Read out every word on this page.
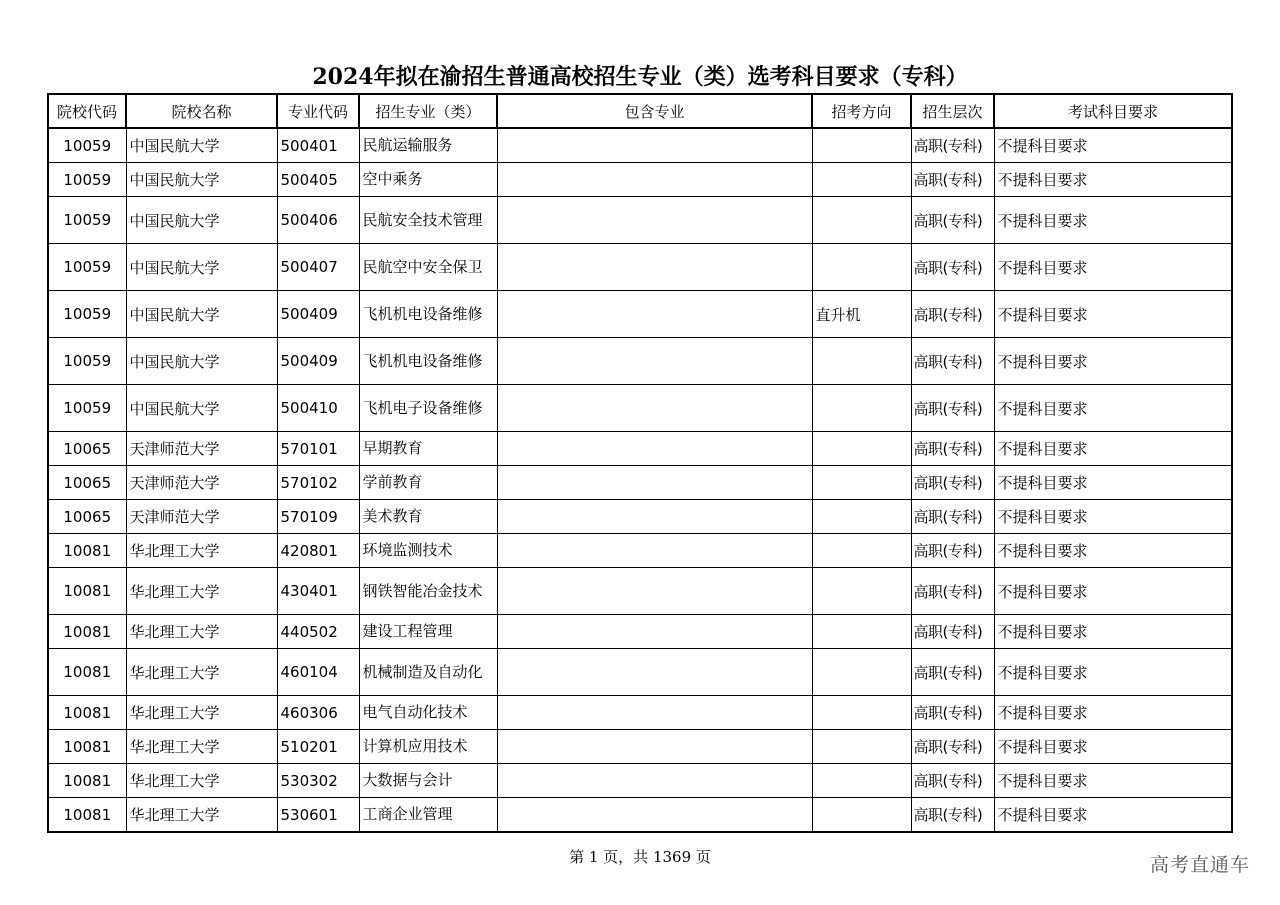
2024年拟在渝招生普通高校招生专业（类）选考科目要求（专科）
院校代码	院校名称	专业代码	招生专业（类）	包含专业	招考方向	招生层次	考试科目要求
10059	中国民航大学	500401	民航运输服务			高职(专科)	不提科目要求
10059	中国民航大学	500405	空中乘务			高职(专科)	不提科目要求
10059	中国民航大学	500406	民航安全技术管理			高职(专科)	不提科目要求
10059	中国民航大学	500407	民航空中安全保卫			高职(专科)	不提科目要求
10059	中国民航大学	500409	飞机机电设备维修		直升机	高职(专科)	不提科目要求
10059	中国民航大学	500409	飞机机电设备维修			高职(专科)	不提科目要求
10059	中国民航大学	500410	飞机电子设备维修			高职(专科)	不提科目要求
10065	天津师范大学	570101	早期教育			高职(专科)	不提科目要求
10065	天津师范大学	570102	学前教育			高职(专科)	不提科目要求
10065	天津师范大学	570109	美术教育			高职(专科)	不提科目要求
10081	华北理工大学	420801	环境监测技术			高职(专科)	不提科目要求
10081	华北理工大学	430401	钢铁智能冶金技术			高职(专科)	不提科目要求
10081	华北理工大学	440502	建设工程管理			高职(专科)	不提科目要求
10081	华北理工大学	460104	机械制造及自动化			高职(专科)	不提科目要求
10081	华北理工大学	460306	电气自动化技术			高职(专科)	不提科目要求
10081	华北理工大学	510201	计算机应用技术			高职(专科)	不提科目要求
10081	华北理工大学	530302	大数据与会计			高职(专科)	不提科目要求
10081	华北理工大学	530601	工商企业管理			高职(专科)	不提科目要求
第 1 页，共 1369 页	高考直通车
